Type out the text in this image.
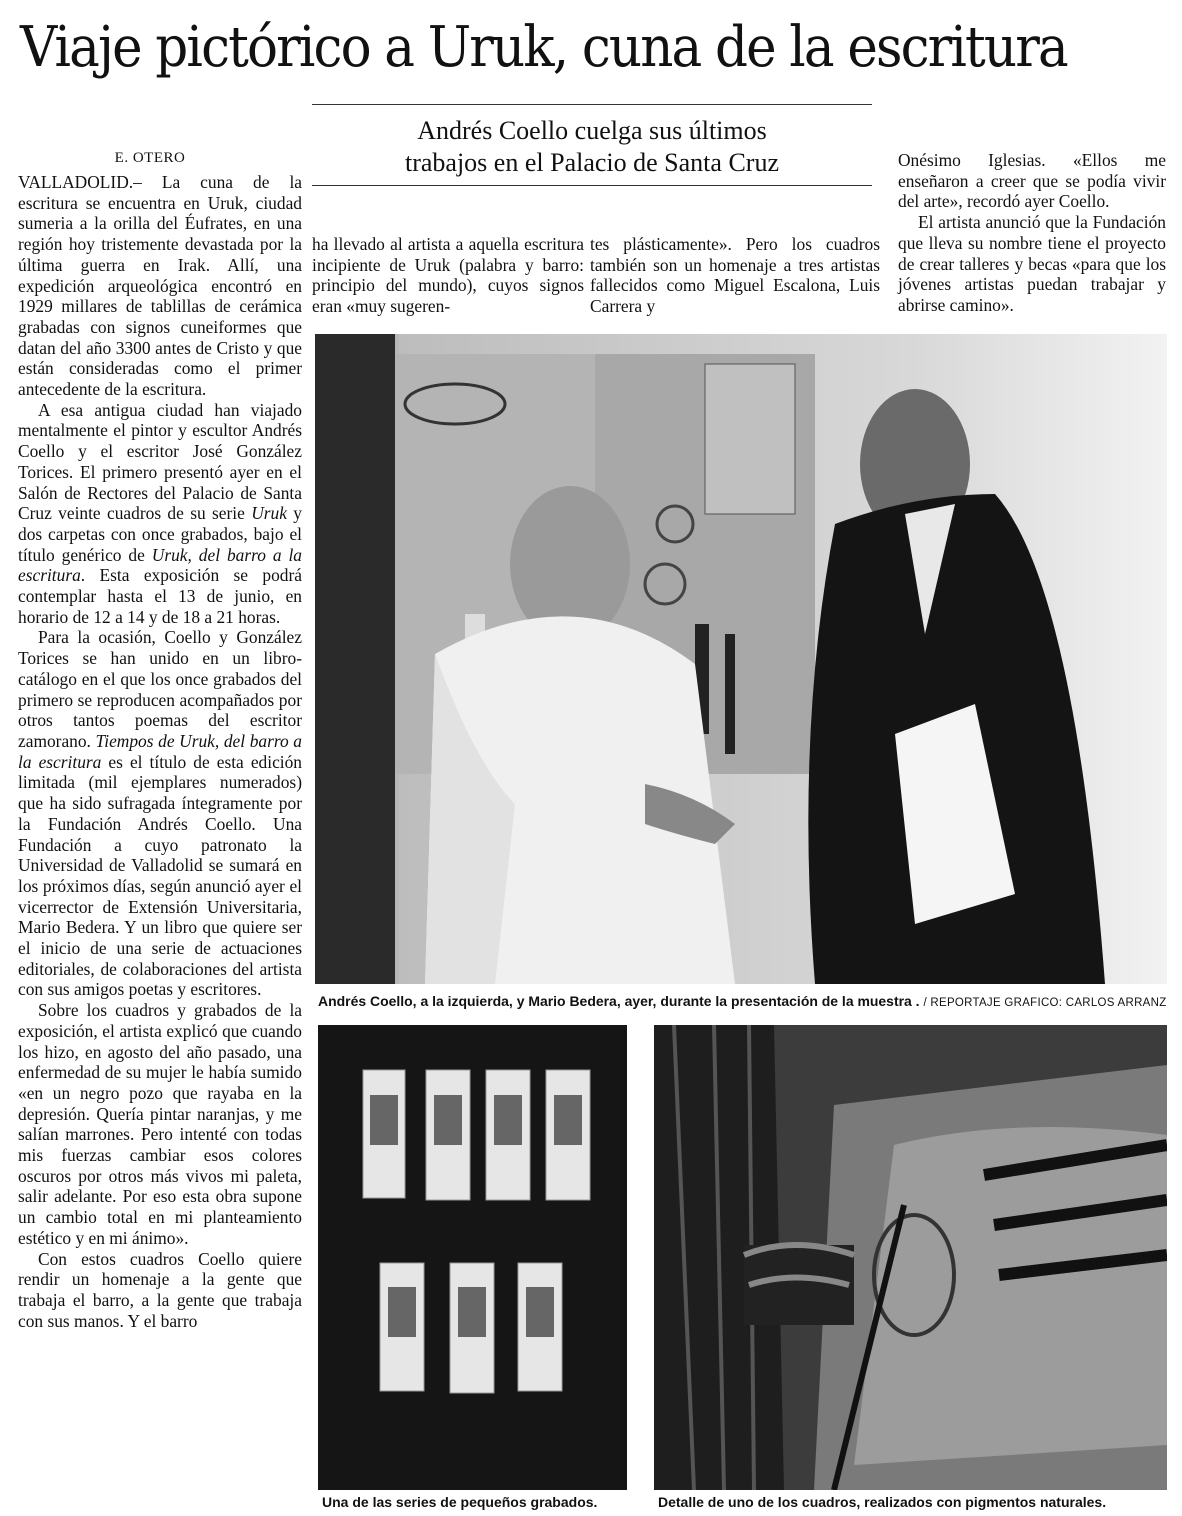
Viaje pictórico a Uruk, cuna de la escritura
Andrés Coello cuelga sus últimos
trabajos en el Palacio de Santa Cruz
E. OTERO

VALLADOLID.– La cuna de la escritura se encuentra en Uruk, ciudad sumeria a la orilla del Éufrates, en una región hoy tristemente devastada por la última guerra en Irak. Allí, una expedición arqueológica encontró en 1929 millares de tablillas de cerámica grabadas con signos cuneiformes que datan del año 3300 antes de Cristo y que están consideradas como el primer antecedente de la escritura.

A esa antigua ciudad han viajado mentalmente el pintor y escultor Andrés Coello y el escritor José González Torices. El primero presentó ayer en el Salón de Rectores del Palacio de Santa Cruz veinte cuadros de su serie Uruk y dos carpetas con once grabados, bajo el título genérico de Uruk, del barro a la escritura. Esta exposición se podrá contemplar hasta el 13 de junio, en horario de 12 a 14 y de 18 a 21 horas.

Para la ocasión, Coello y González Torices se han unido en un libro-catálogo en el que los once grabados del primero se reproducen acompañados por otros tantos poemas del escritor zamorano. Tiempos de Uruk, del barro a la escritura es el título de esta edición limitada (mil ejemplares numerados) que ha sido sufragada íntegramente por la Fundación Andrés Coello. Una Fundación a cuyo patronato la Universidad de Valladolid se sumará en los próximos días, según anunció ayer el vicerrector de Extensión Universitaria, Mario Bedera. Y un libro que quiere ser el inicio de una serie de actuaciones editoriales, de colaboraciones del artista con sus amigos poetas y escritores.

Sobre los cuadros y grabados de la exposición, el artista explicó que cuando los hizo, en agosto del año pasado, una enfermedad de su mujer le había sumido «en un negro pozo que rayaba en la depresión. Quería pintar naranjas, y me salían marrones. Pero intenté con todas mis fuerzas cambiar esos colores oscuros por otros más vivos mi paleta, salir adelante. Por eso esta obra supone un cambio total en mi planteamiento estético y en mi ánimo».

Con estos cuadros Coello quiere rendir un homenaje a la gente que trabaja el barro, a la gente que trabaja con sus manos. Y el barro

ha llevado al artista a aquella escritura incipiente de Uruk (palabra y barro: principio del mundo), cuyos signos eran «muy sugeren-

tes plásticamente». Pero los cuadros también son un homenaje a tres artistas fallecidos como Miguel Escalona, Luis Carrera y

Onésimo Iglesias. «Ellos me enseñaron a creer que se podía vivir del arte», recordó ayer Coello.

El artista anunció que la Fundación que lleva su nombre tiene el proyecto de crear talleres y becas «para que los jóvenes artistas puedan trabajar y abrirse camino».

Andrés Coello, a la izquierda, y Mario Bedera, ayer, durante la presentación de la muestra . / REPORTAJE GRAFICO: CARLOS ARRANZ
Una de las series de pequeños grabados.	Detalle de uno de los cuadros, realizados con pigmentos naturales.
